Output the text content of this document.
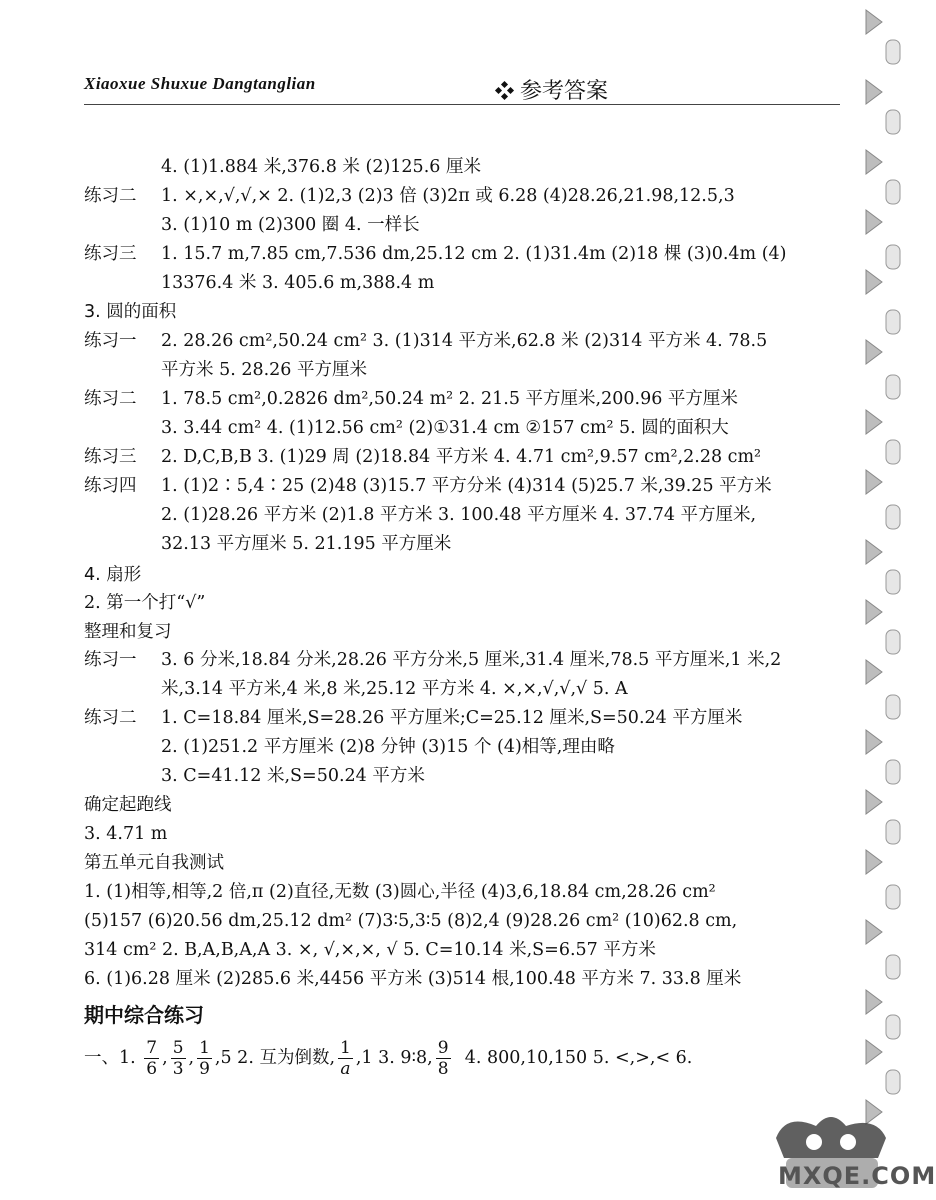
Xiaoxue Shuxue Dangtanglian	参考答案
4. (1)1.884 米,376.8 米 (2)125.6 厘米
练习二 1. ×,×,√,√,× 2. (1)2,3 (2)3 倍 (3)2π 或 6.28 (4)28.26,21.98,12.5,3
3. (1)10 m (2)300 圈 4. 一样长
练习三 1. 15.7 m,7.85 cm,7.536 dm,25.12 cm 2. (1)31.4m (2)18 棵 (3)0.4m (4)
13376.4 米 3. 405.6 m,388.4 m
3. 圆的面积
练习一 2. 28.26 cm²,50.24 cm² 3. (1)314 平方米,62.8 米 (2)314 平方米 4. 78.5
平方米 5. 28.26 平方厘米
练习二 1. 78.5 cm²,0.2826 dm²,50.24 m² 2. 21.5 平方厘米,200.96 平方厘米
3. 3.44 cm² 4. (1)12.56 cm² (2)①31.4 cm ②157 cm² 5. 圆的面积大
练习三 2. D,C,B,B 3. (1)29 周 (2)18.84 平方米 4. 4.71 cm²,9.57 cm²,2.28 cm²
练习四 1. (1)2∶5,4∶25 (2)48 (3)15.7 平方分米 (4)314 (5)25.7 米,39.25 平方米
2. (1)28.26 平方米 (2)1.8 平方米 3. 100.48 平方厘米 4. 37.74 平方厘米,
32.13 平方厘米 5. 21.195 平方厘米
4. 扇形
2. 第一个打“√”
整理和复习
练习一 3. 6 分米,18.84 分米,28.26 平方分米,5 厘米,31.4 厘米,78.5 平方厘米,1 米,2
米,3.14 平方米,4 米,8 米,25.12 平方米 4. ×,×,√,√,√ 5. A
练习二 1. C=18.84 厘米,S=28.26 平方厘米;C=25.12 厘米,S=50.24 平方厘米
2. (1)251.2 平方厘米 (2)8 分钟 (3)15 个 (4)相等,理由略
3. C=41.12 米,S=50.24 平方米
确定起跑线
3. 4.71 m
第五单元自我测试
1. (1)相等,相等,2 倍,π (2)直径,无数 (3)圆心,半径 (4)3,6,18.84 cm,28.26 cm²
(5)157 (6)20.56 dm,25.12 dm² (7)3∶5,3∶5 (8)2,4 (9)28.26 cm² (10)62.8 cm,
314 cm² 2. B,A,B,A,A 3. ×, √,×,×, √ 5. C=10.14 米,S=6.57 平方米
6. (1)6.28 厘米 (2)285.6 米,4456 平方米 (3)514 根,100.48 平方米 7. 33.8 厘米
期中综合练习
一、1. $\frac{7}{6}$ , $\frac{5}{3}$ , $\frac{1}{9} ,5$ 2. 互为倒数, $\frac{1}{a} ,1$ 3. 9∶8, $\frac{9}{8} 4$. 800,10,150 5. <,>,< 6.
MXQE.COM
